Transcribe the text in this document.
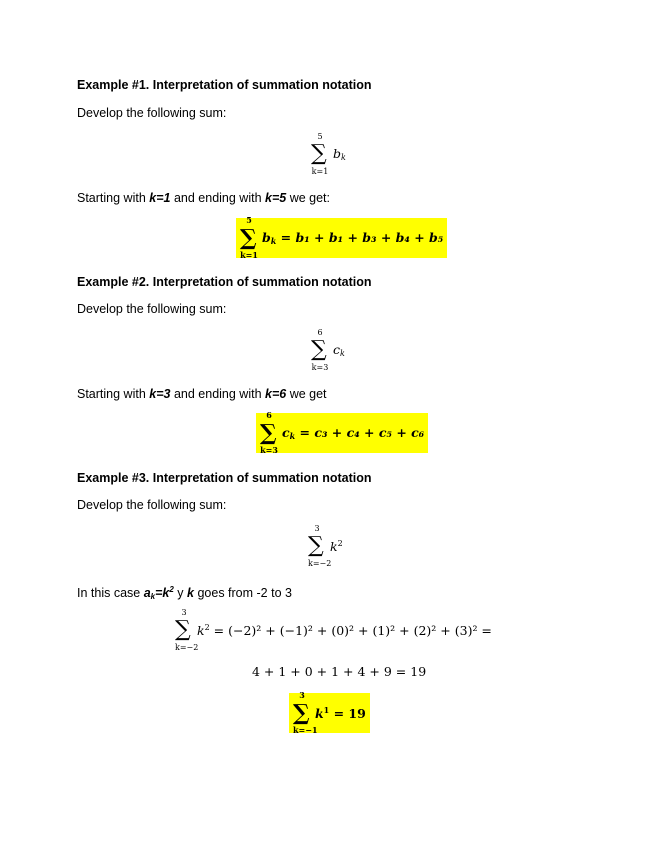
Example #1. Interpretation of summation notation
Develop the following sum:
5
∑
k=1
$b_k$
Starting with k=1 and ending with k=5 we get:
5
∑
k=1
$b_k = b_1 + b_1 + b_3 + b_4 + b_5$
Example #2. Interpretation of summation notation
Develop the following sum:
6
∑
k=3
$c_k$
Starting with k=3 and ending with k=6 we get
6
∑
k=3
$c_k = c_3 + c_4 + c_5 + c_6$
Example #3. Interpretation of summation notation
Develop the following sum:
3
∑
k=−2
$k^2$
In this case $a_k=k^2$ y k goes from -2 to 3
3
∑
k=−2
$k^2 = (-2)^2 + (-1)^2 + (0)^2 + (1)^2 + (2)^2 + (3)^2$ =
4 + 1 + 0 + 1 + 4 + 9 = 19
3
∑
k=−1
$k^1 = 19$
